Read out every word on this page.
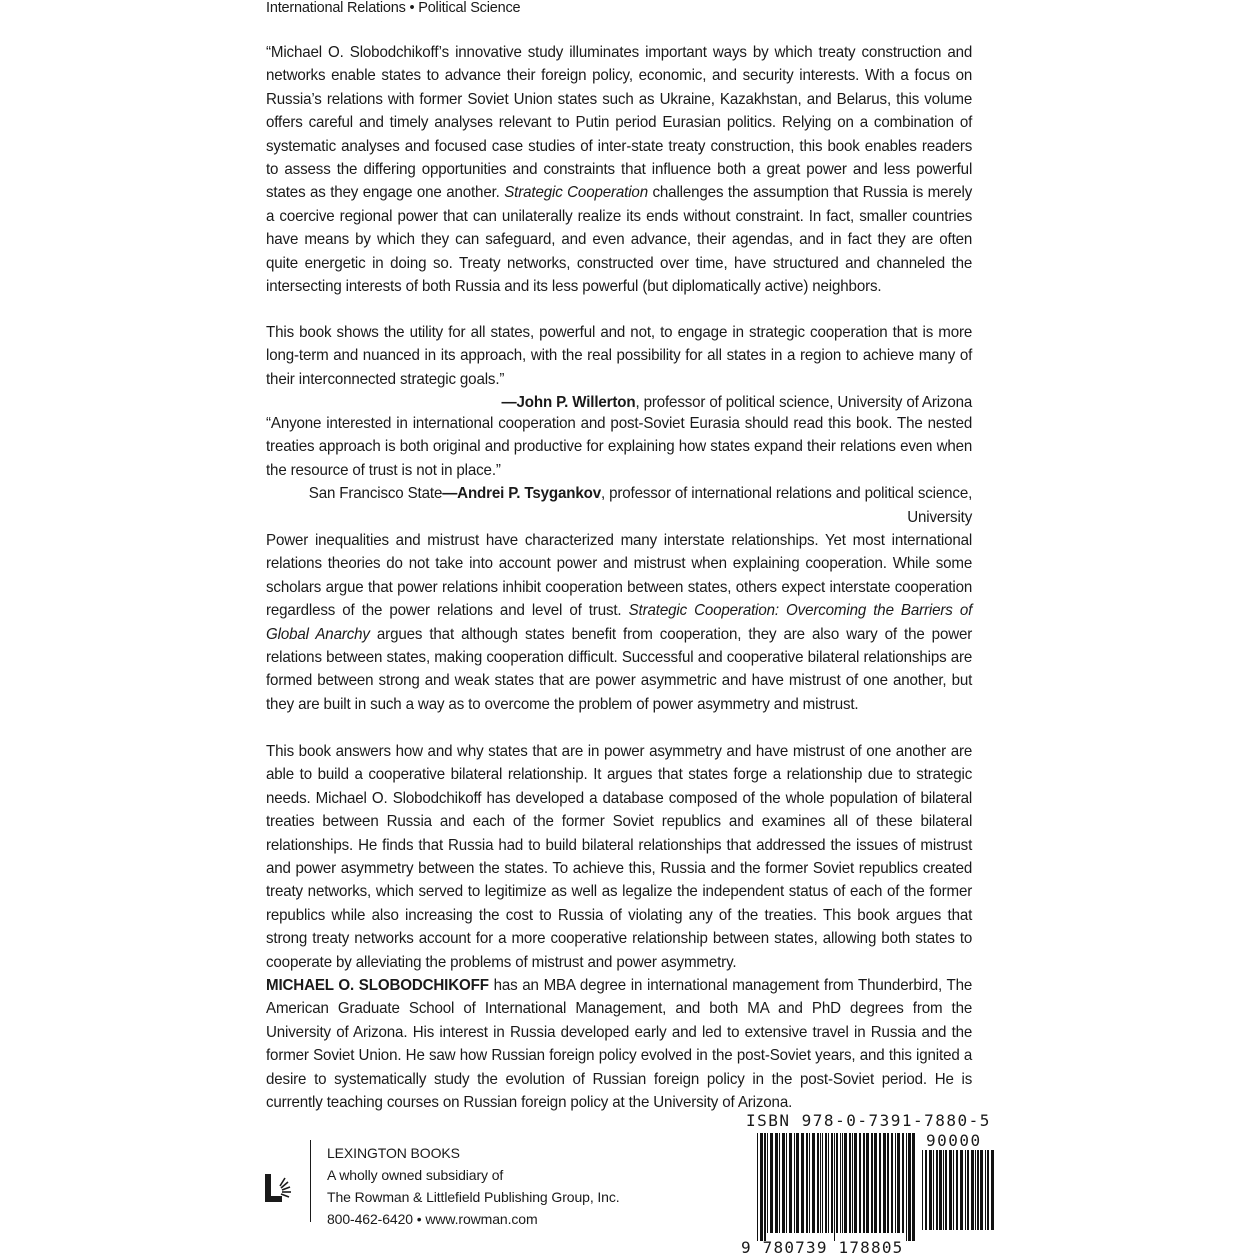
International Relations • Political Science

“Michael O. Slobodchikoff’s innovative study illuminates important ways by which treaty construction and networks enable states to advance their foreign policy, economic, and security interests. With a focus on Russia’s relations with former Soviet Union states such as Ukraine, Kazakhstan, and Belarus, this volume offers careful and timely analyses relevant to Putin period Eurasian politics. Relying on a combination of systematic analyses and focused case studies of inter-state treaty construction, this book enables readers to assess the differing opportunities and constraints that influence both a great power and less powerful states as they engage one another. Strategic Cooperation challenges the assumption that Russia is merely a coercive regional power that can unilaterally realize its ends without constraint. In fact, smaller countries have means by which they can safeguard, and even advance, their agendas, and in fact they are often quite energetic in doing so. Treaty networks, constructed over time, have structured and channeled the intersecting interests of both Russia and its less powerful (but diplomatically active) neighbors.

This book shows the utility for all states, powerful and not, to engage in strategic cooperation that is more long-term and nuanced in its approach, with the real possibility for all states in a region to achieve many of their interconnected strategic goals.”
—John P. Willerton, professor of political science, University of Arizona

“Anyone interested in international cooperation and post-Soviet Eurasia should read this book. The nested treaties approach is both original and productive for explaining how states expand their relations even when the resource of trust is not in place.”
—Andrei P. Tsygankov, professor of international relations and political science,

San Francisco State University

Power inequalities and mistrust have characterized many interstate relationships. Yet most international relations theories do not take into account power and mistrust when explaining cooperation. While some scholars argue that power relations inhibit cooperation between states, others expect interstate cooperation regardless of the power relations and level of trust. Strategic Cooperation: Overcoming the Barriers of Global Anarchy argues that although states benefit from cooperation, they are also wary of the power relations between states, making cooperation difficult. Successful and cooperative bilateral relationships are formed between strong and weak states that are power asymmetric and have mistrust of one another, but they are built in such a way as to overcome the problem of power asymmetry and mistrust.

This book answers how and why states that are in power asymmetry and have mistrust of one another are able to build a cooperative bilateral relationship. It argues that states forge a relationship due to strategic needs. Michael O. Slobodchikoff has developed a database composed of the whole population of bilateral treaties between Russia and each of the former Soviet republics and examines all of these bilateral relationships. He finds that Russia had to build bilateral relationships that addressed the issues of mistrust and power asymmetry between the states. To achieve this, Russia and the former Soviet republics created treaty networks, which served to legitimize as well as legalize the independent status of each of the former republics while also increasing the cost to Russia of violating any of the treaties. This book argues that strong treaty networks account for a more cooperative relationship between states, allowing both states to cooperate by alleviating the problems of mistrust and power asymmetry.

MICHAEL O. SLOBODCHIKOFF has an MBA degree in international management from Thunderbird, The American Graduate School of International Management, and both MA and PhD degrees from the University of Arizona. His interest in Russia developed early and led to extensive travel in Russia and the former Soviet Union. He saw how Russian foreign policy evolved in the post-Soviet years, and this ignited a desire to systematically study the evolution of Russian foreign policy in the post-Soviet period. He is currently teaching courses on Russian foreign policy at the University of Arizona.

LEXINGTON BOOKS
A wholly owned subsidiary of
The Rowman & Littlefield Publishing Group, Inc.
800-462-6420 • www.rowman.com
ISBN 978-0-7391-7880-5
90000
9 780739 178805
